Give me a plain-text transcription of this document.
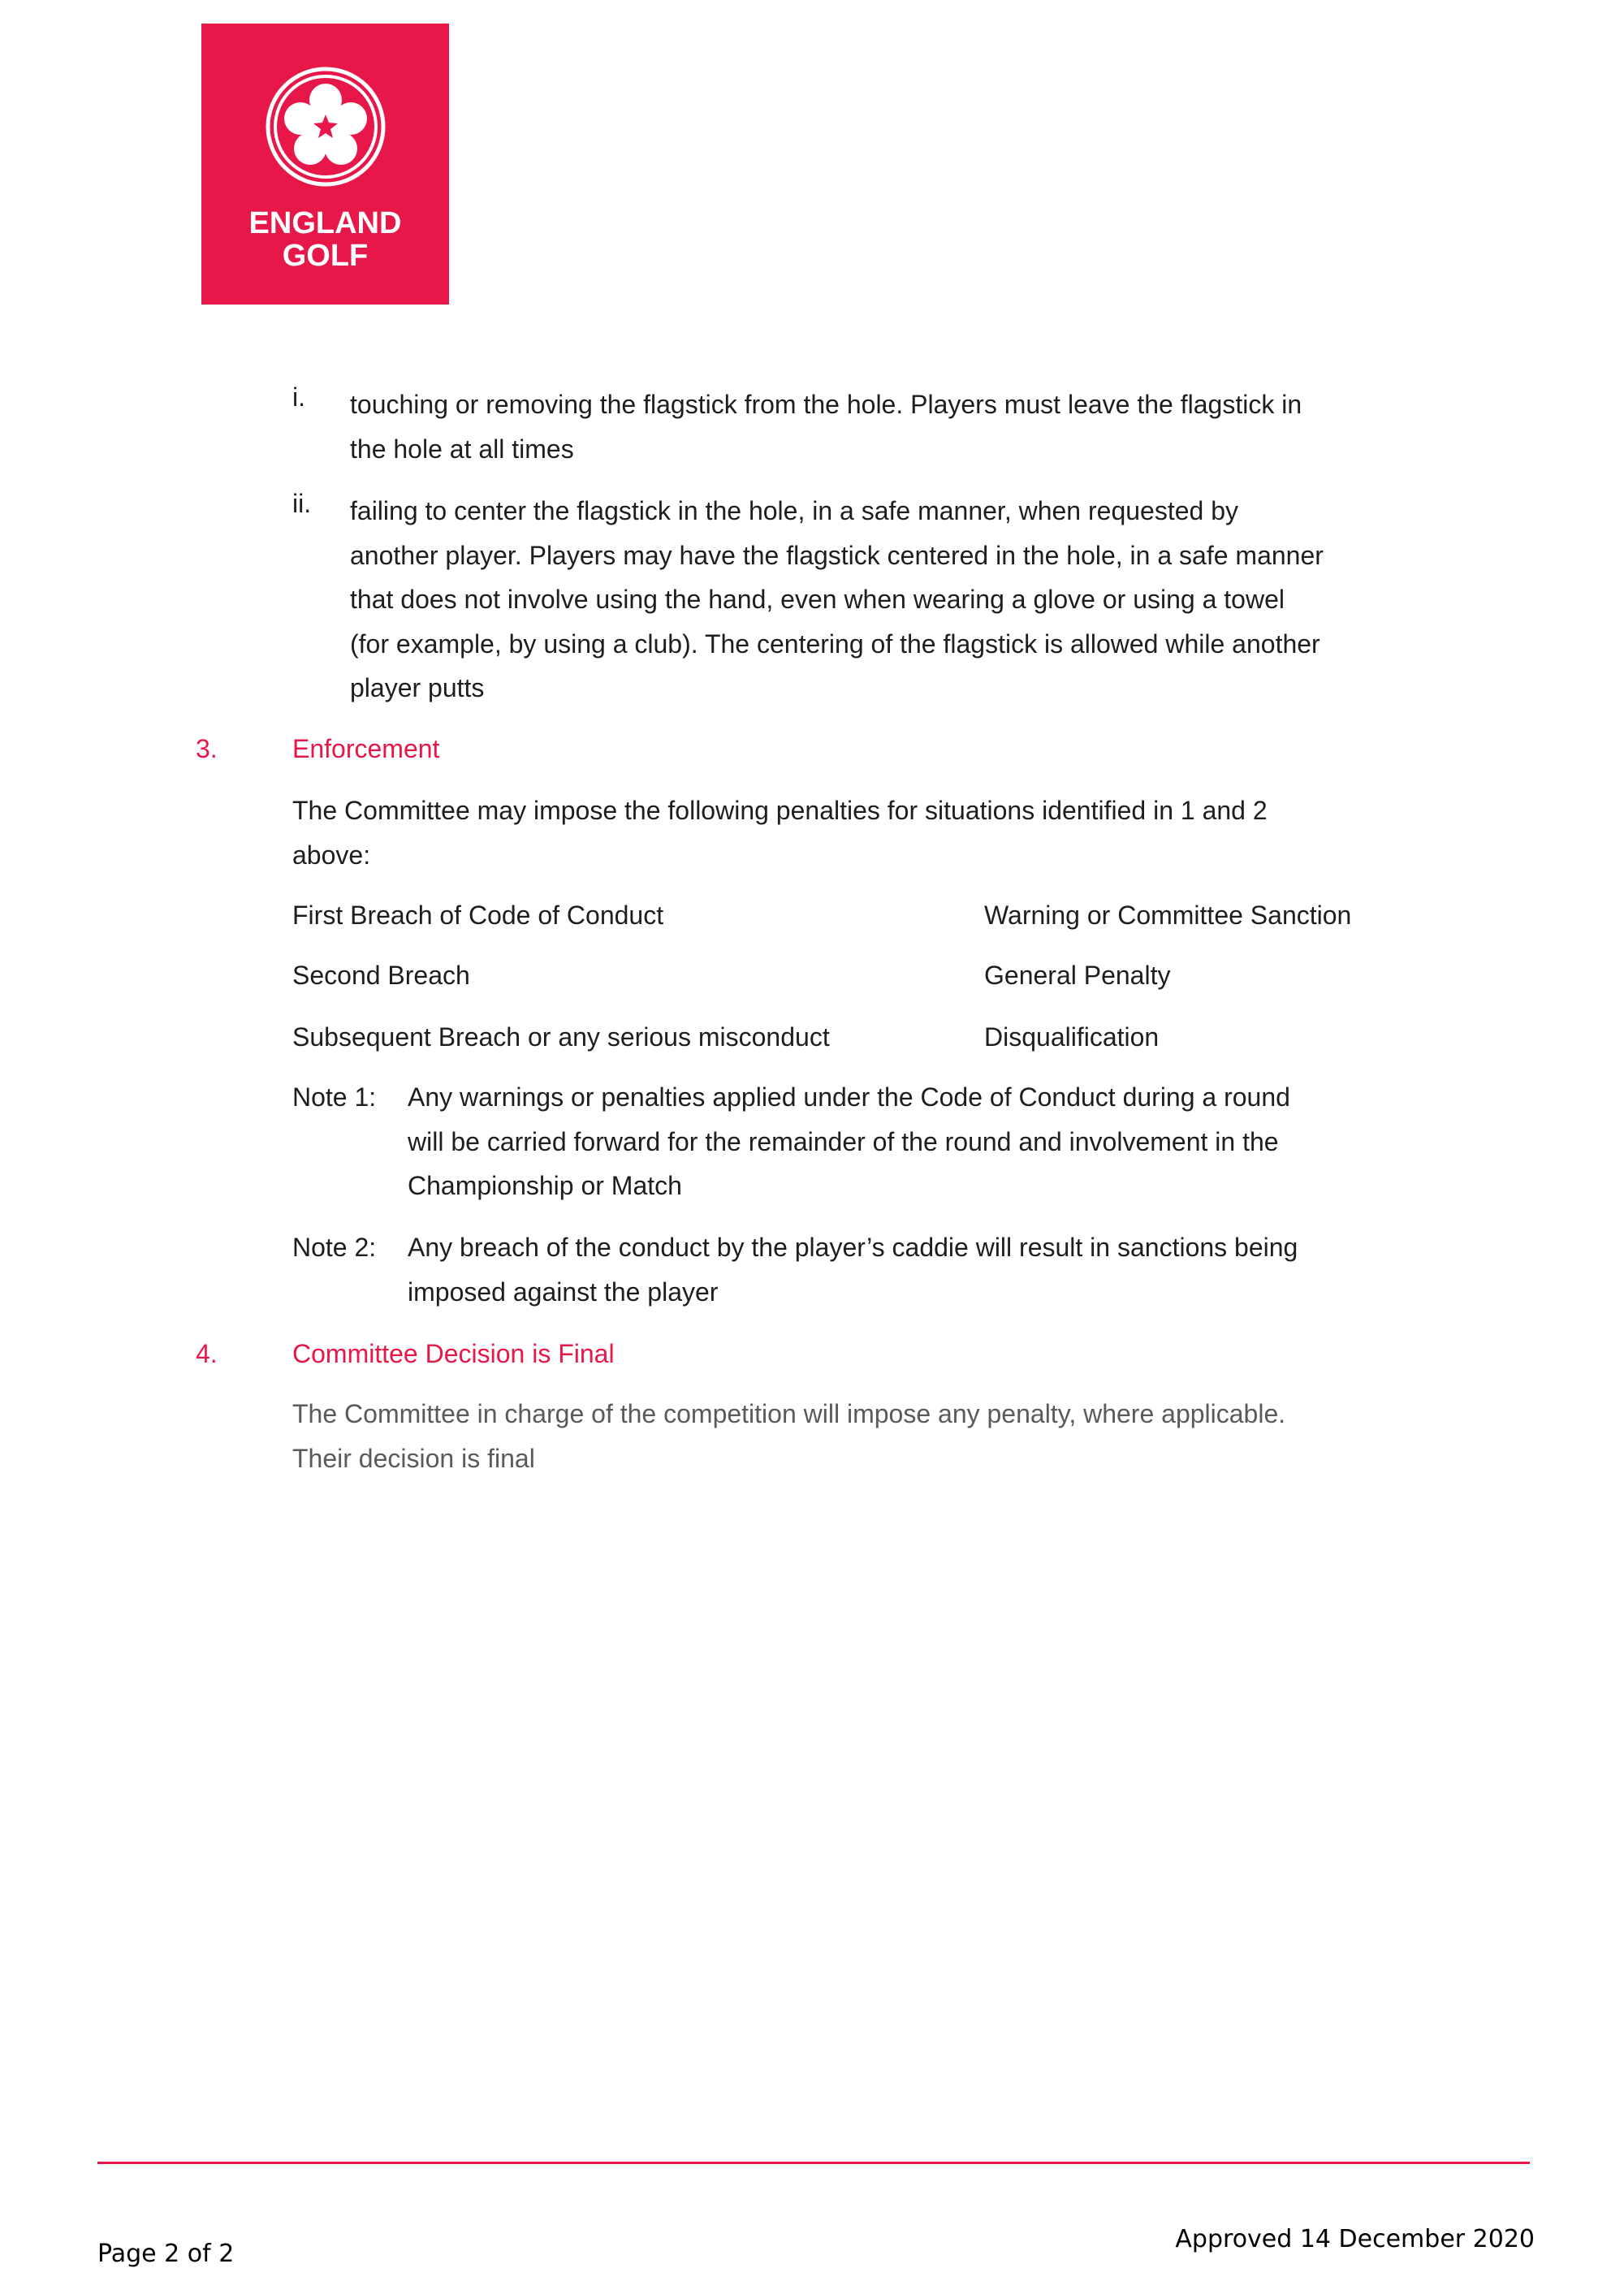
ENGLAND
GOLF
i. touching or removing the flagstick from the hole. Players must leave the flagstick in
the hole at all times
ii. failing to center the flagstick in the hole, in a safe manner, when requested by
another player. Players may have the flagstick centered in the hole, in a safe manner
that does not involve using the hand, even when wearing a glove or using a towel
(for example, by using a club). The centering of the flagstick is allowed while another
player putts
3.	Enforcement
The Committee may impose the following penalties for situations identified in 1 and 2
above:
First Breach of Code of Conduct	Warning or Committee Sanction
Second Breach	General Penalty
Subsequent Breach or any serious misconduct	Disqualification
Note 1: Any warnings or penalties applied under the Code of Conduct during a round
will be carried forward for the remainder of the round and involvement in the
Championship or Match
Note 2: Any breach of the conduct by the player’s caddie will result in sanctions being
imposed against the player
4.	Committee Decision is Final
The Committee in charge of the competition will impose any penalty, where applicable.
Their decision is final
Page 2 of 2
Approved 14 December 2020
